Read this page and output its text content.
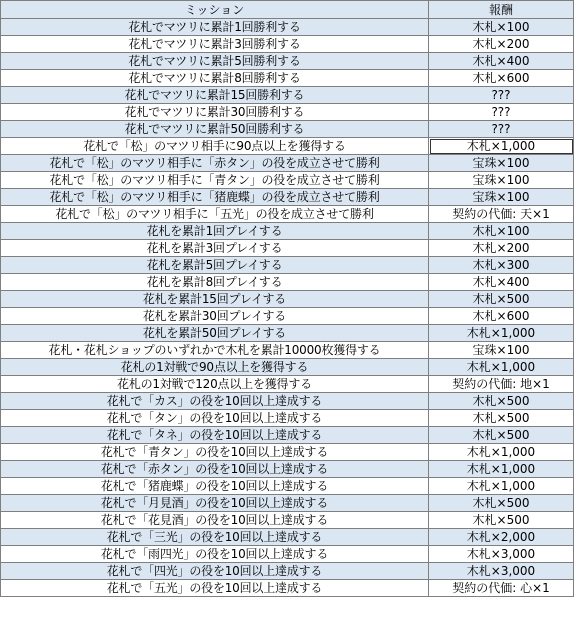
ミッション	報酬
花札でマツリに累計1回勝利する	木札×100
花札でマツリに累計3回勝利する	木札×200
花札でマツリに累計5回勝利する	木札×400
花札でマツリに累計8回勝利する	木札×600
花札でマツリに累計15回勝利する	???
花札でマツリに累計30回勝利する	???
花札でマツリに累計50回勝利する	???
花札で「松」のマツリ相手に90点以上を獲得する	木札×1,000
花札で「松」のマツリ相手に「赤タン」の役を成立させて勝利	宝珠×100
花札で「松」のマツリ相手に「青タン」の役を成立させて勝利	宝珠×100
花札で「松」のマツリ相手に「猪鹿蝶」の役を成立させて勝利	宝珠×100
花札で「松」のマツリ相手に「五光」の役を成立させて勝利	契約の代価: 天×1
花札を累計1回プレイする	木札×100
花札を累計3回プレイする	木札×200
花札を累計5回プレイする	木札×300
花札を累計8回プレイする	木札×400
花札を累計15回プレイする	木札×500
花札を累計30回プレイする	木札×600
花札を累計50回プレイする	木札×1,000
花札・花札ショップのいずれかで木札を累計10000枚獲得する	宝珠×100
花札の1対戦で90点以上を獲得する	木札×1,000
花札の1対戦で120点以上を獲得する	契約の代価: 地×1
花札で「カス」の役を10回以上達成する	木札×500
花札で「タン」の役を10回以上達成する	木札×500
花札で「タネ」の役を10回以上達成する	木札×500
花札で「青タン」の役を10回以上達成する	木札×1,000
花札で「赤タン」の役を10回以上達成する	木札×1,000
花札で「猪鹿蝶」の役を10回以上達成する	木札×1,000
花札で「月見酒」の役を10回以上達成する	木札×500
花札で「花見酒」の役を10回以上達成する	木札×500
花札で「三光」の役を10回以上達成する	木札×2,000
花札で「雨四光」の役を10回以上達成する	木札×3,000
花札で「四光」の役を10回以上達成する	木札×3,000
花札で「五光」の役を10回以上達成する	契約の代価: 心×1
